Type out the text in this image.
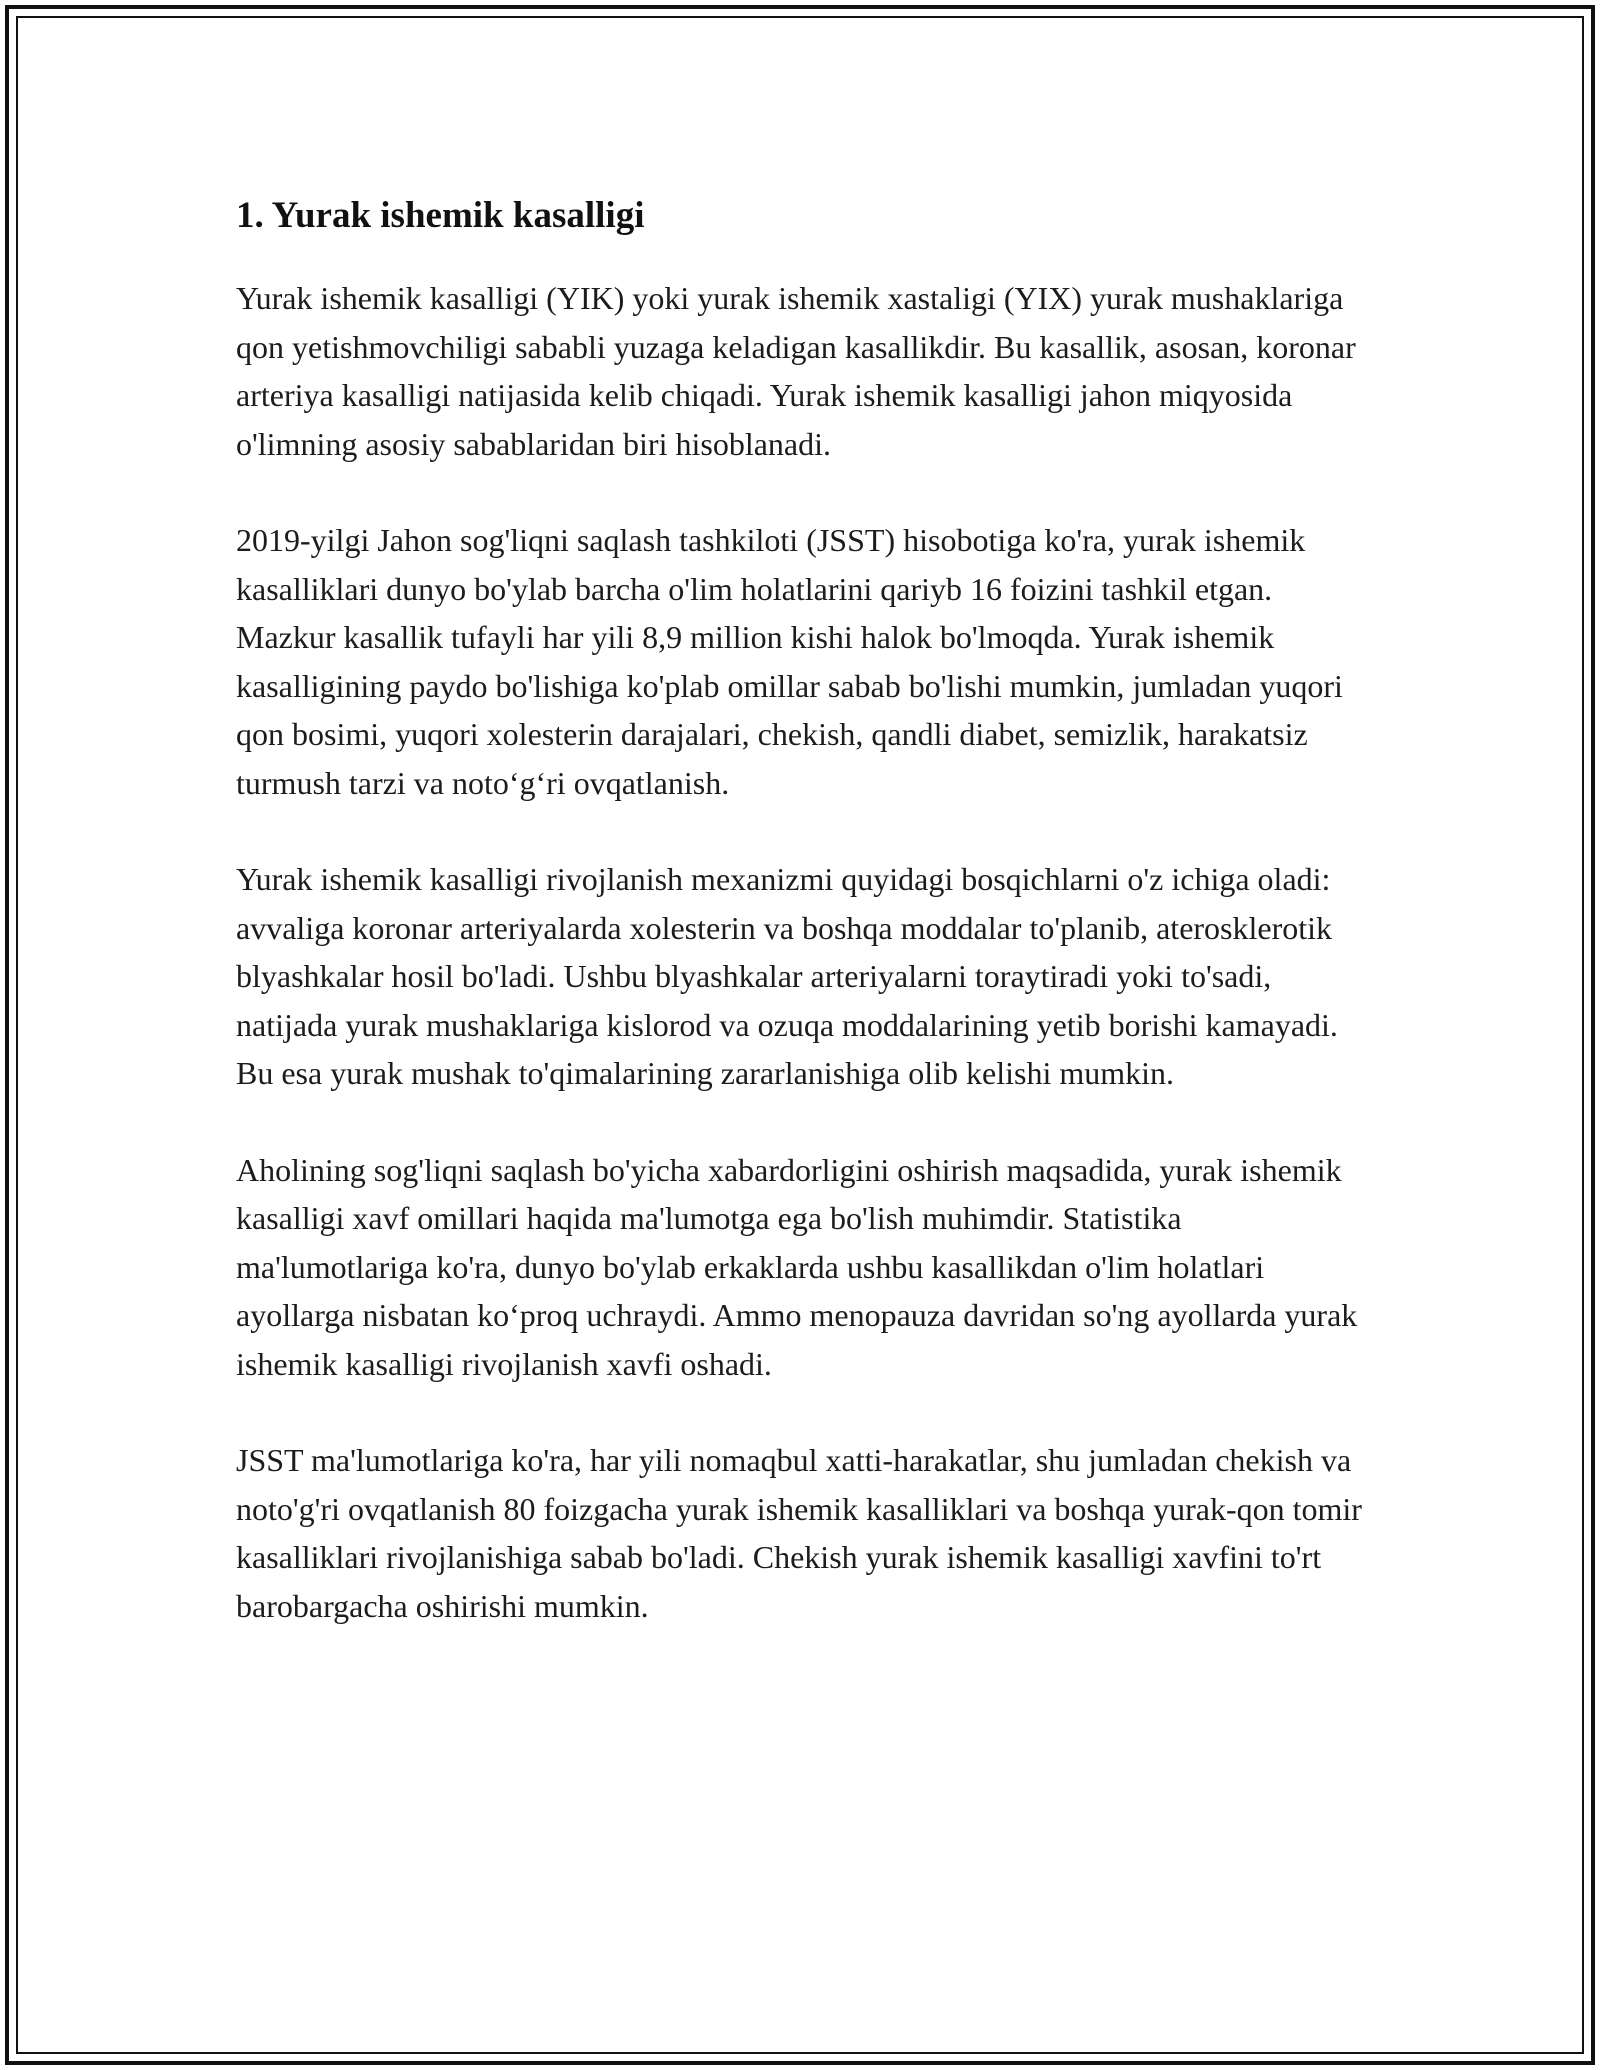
1. Yurak ishemik kasalligi

Yurak ishemik kasalligi (YIK) yoki yurak ishemik xastaligi (YIX) yurak mushaklariga qon yetishmovchiligi sababli yuzaga keladigan kasallikdir. Bu kasallik, asosan, koronar arteriya kasalligi natijasida kelib chiqadi. Yurak ishemik kasalligi jahon miqyosida o'limning asosiy sabablaridan biri hisoblanadi.

2019-yilgi Jahon sog'liqni saqlash tashkiloti (JSST) hisobotiga ko'ra, yurak ishemik kasalliklari dunyo bo'ylab barcha o'lim holatlarini qariyb 16 foizini tashkil etgan. Mazkur kasallik tufayli har yili 8,9 million kishi halok bo'lmoqda. Yurak ishemik kasalligining paydo bo'lishiga ko'plab omillar sabab bo'lishi mumkin, jumladan yuqori qon bosimi, yuqori xolesterin darajalari, chekish, qandli diabet, semizlik, harakatsiz turmush tarzi va noto‘g‘ri ovqatlanish.

Yurak ishemik kasalligi rivojlanish mexanizmi quyidagi bosqichlarni o'z ichiga oladi: avvaliga koronar arteriyalarda xolesterin va boshqa moddalar to'planib, aterosklerotik blyashkalar hosil bo'ladi. Ushbu blyashkalar arteriyalarni toraytiradi yoki to'sadi, natijada yurak mushaklariga kislorod va ozuqa moddalarining yetib borishi kamayadi. Bu esa yurak mushak to'qimalarining zararlanishiga olib kelishi mumkin.

Aholining sog'liqni saqlash bo'yicha xabardorligini oshirish maqsadida, yurak ishemik kasalligi xavf omillari haqida ma'lumotga ega bo'lish muhimdir. Statistika ma'lumotlariga ko'ra, dunyo bo'ylab erkaklarda ushbu kasallikdan o'lim holatlari ayollarga nisbatan ko‘proq uchraydi. Ammo menopauza davridan so'ng ayollarda yurak ishemik kasalligi rivojlanish xavfi oshadi.

JSST ma'lumotlariga ko'ra, har yili nomaqbul xatti-harakatlar, shu jumladan chekish va noto'g'ri ovqatlanish 80 foizgacha yurak ishemik kasalliklari va boshqa yurak-qon tomir kasalliklari rivojlanishiga sabab bo'ladi. Chekish yurak ishemik kasalligi xavfini to'rt barobargacha oshirishi mumkin.
